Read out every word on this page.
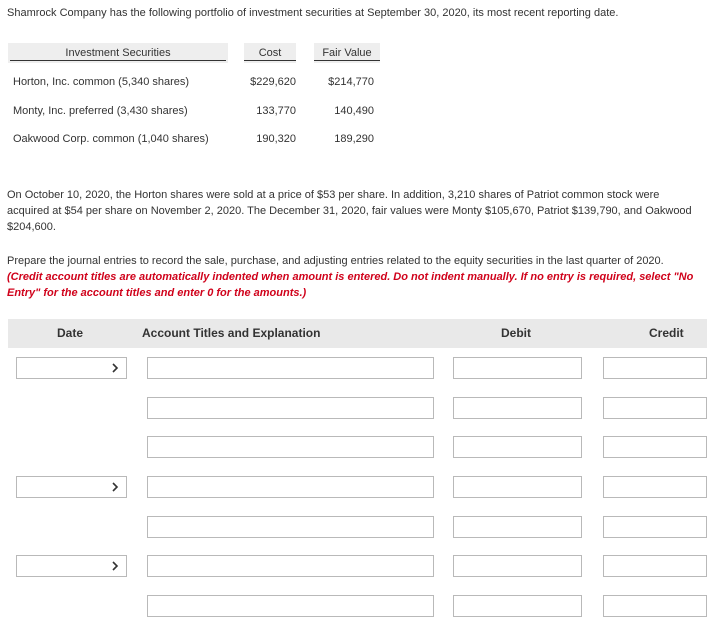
Shamrock Company has the following portfolio of investment securities at September 30, 2020, its most recent reporting date.

Investment Securities	Cost	Fair Value
Horton, Inc. common (5,340 shares)	$229,620	$214,770
Monty, Inc. preferred (3,430 shares)	133,770	140,490
Oakwood Corp. common (1,040 shares)	190,320	189,290

On October 10, 2020, the Horton shares were sold at a price of $53 per share. In addition, 3,210 shares of Patriot common stock were acquired at $54 per share on November 2, 2020. The December 31, 2020, fair values were Monty $105,670, Patriot $139,790, and Oakwood $204,600.

Prepare the journal entries to record the sale, purchase, and adjusting entries related to the equity securities in the last quarter of 2020. (Credit account titles are automatically indented when amount is entered. Do not indent manually. If no entry is required, select "No Entry" for the account titles and enter 0 for the amounts.)

Date	Account Titles and Explanation	Debit	Credit
